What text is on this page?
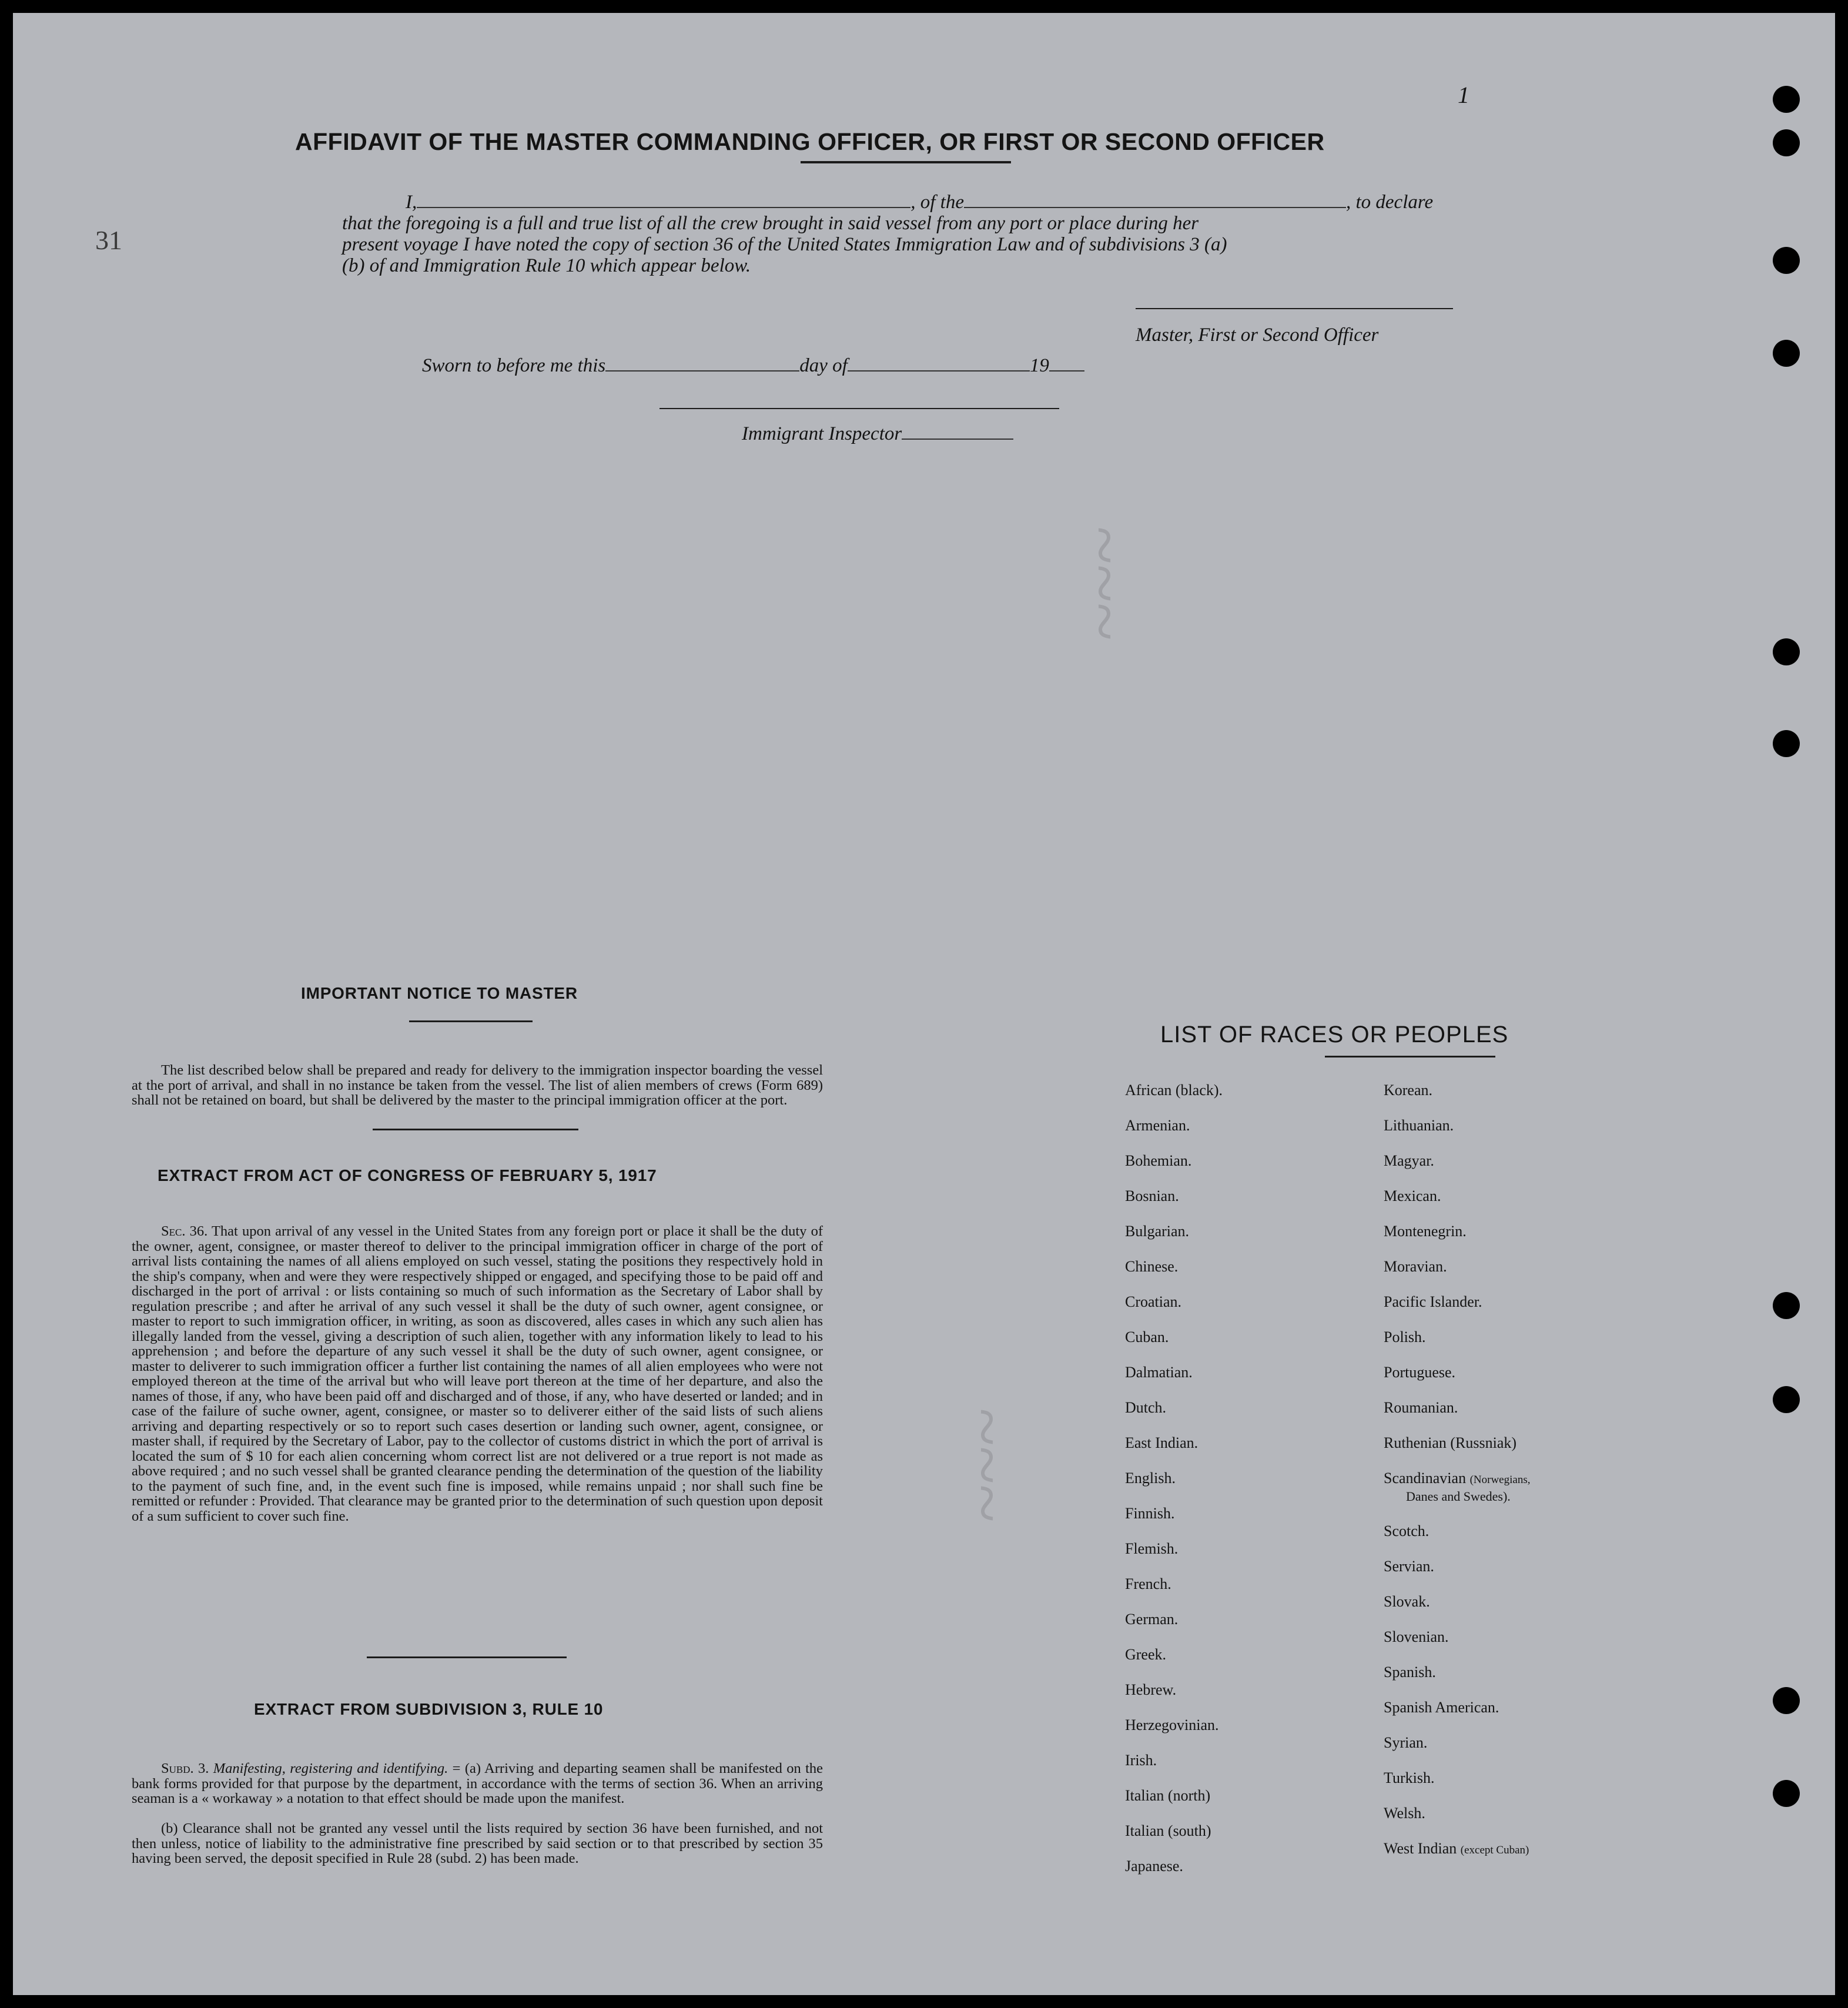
1
31
~~~
~~~
AFFIDAVIT OF THE MASTER COMMANDING OFFICER, OR FIRST OR SECOND OFFICER
I,	, of the	, to declare
that the foregoing is a full and true list of all the crew brought in said vessel from any port or place during her
present voyage I have noted the copy of section 36 of the United States Immigration Law and of subdivisions 3 (a)
(b) of and Immigration Rule 10 which appear below.
Master, First or Second Officer
Sworn to before me this	day of	19
Immigrant Inspector
IMPORTANT NOTICE TO MASTER
The list described below shall be prepared and ready for delivery to the immigration inspector boarding the vessel at the port of arrival, and shall in no instance be taken from the vessel. The list of alien members of crews (Form 689) shall not be retained on board, but shall be delivered by the master to the principal immigration officer at the port.
EXTRACT FROM ACT OF CONGRESS OF FEBRUARY 5, 1917
Sec. 36. That upon arrival of any vessel in the United States from any foreign port or place it shall be the duty of the owner, agent, consignee, or master thereof to deliver to the principal immigration officer in charge of the port of arrival lists containing the names of all aliens employed on such vessel, stating the positions they respectively hold in the ship's company, when and were they were respectively shipped or engaged, and specifying those to be paid off and discharged in the port of arrival : or lists containing so much of such information as the Secretary of Labor shall by regulation prescribe ; and after he arrival of any such vessel it shall be the duty of such owner, agent consignee, or master to report to such immigration officer, in writing, as soon as discovered, alles cases in which any such alien has illegally landed from the vessel, giving a description of such alien, together with any information likely to lead to his apprehension ; and before the departure of any such vessel it shall be the duty of such owner, agent consignee, or master to deliverer to such immigration officer a further list containing the names of all alien employees who were not employed thereon at the time of the arrival but who will leave port thereon at the time of her departure, and also the names of those, if any, who have been paid off and discharged and of those, if any, who have deserted or landed; and in case of the failure of suche owner, agent, consignee, or master so to deliverer either of the said lists of such aliens arriving and departing respectively or so to report such cases desertion or landing such owner, agent, consignee, or master shall, if required by the Secretary of Labor, pay to the collector of customs district in which the port of arrival is located the sum of $ 10 for each alien concerning whom correct list are not delivered or a true report is not made as above required ; and no such vessel shall be granted clearance pending the determination of the question of the liability to the payment of such fine, and, in the event such fine is imposed, while remains unpaid ; nor shall such fine be remitted or refunder : Provided. That clearance may be granted prior to the determination of such question upon deposit of a sum sufficient to cover such fine.
EXTRACT FROM SUBDIVISION 3, RULE 10
Subd. 3. Manifesting, registering and identifying. = (a) Arriving and departing seamen shall be manifested on the bank forms provided for that purpose by the department, in accordance with the terms of section 36. When an arriving seaman is a « workaway » a notation to that effect should be made upon the manifest.
(b) Clearance shall not be granted any vessel until the lists required by section 36 have been furnished, and not then unless, notice of liability to the administrative fine prescribed by said section or to that prescribed by section 35 having been served, the deposit specified in Rule 28 (subd. 2) has been made.
LIST OF RACES OR PEOPLES
African (black).
Armenian.
Bohemian.
Bosnian.
Bulgarian.
Chinese.
Croatian.
Cuban.
Dalmatian.
Dutch.
East Indian.
English.
Finnish.
Flemish.
French.
German.
Greek.
Hebrew.
Herzegovinian.
Irish.
Italian (north)
Italian (south)
Japanese.
Korean.
Lithuanian.
Magyar.
Mexican.
Montenegrin.
Moravian.
Pacific Islander.
Polish.
Portuguese.
Roumanian.
Ruthenian (Russniak)
Scandinavian (Norwegians,
Danes and Swedes).
Scotch.
Servian.
Slovak.
Slovenian.
Spanish.
Spanish American.
Syrian.
Turkish.
Welsh.
West Indian (except Cuban)
